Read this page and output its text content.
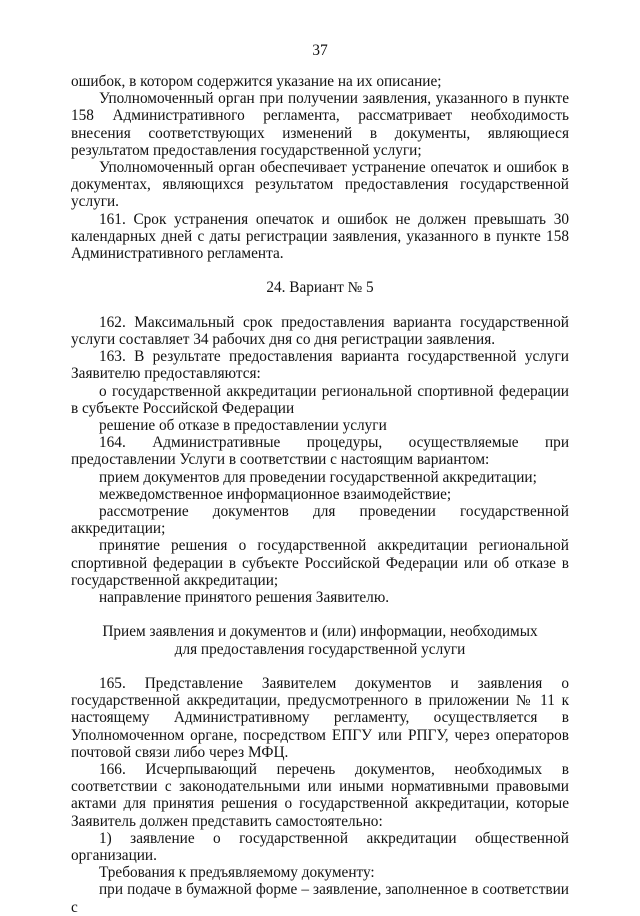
37

ошибок, в котором содержится указание на их описание;

Уполномоченный орган при получении заявления, указанного в пункте 158 Административного регламента, рассматривает необходимость внесения соответствующих изменений в документы, являющиеся результатом предоставления государственной услуги;

Уполномоченный орган обеспечивает устранение опечаток и ошибок в документах, являющихся результатом предоставления государственной услуги.

161. Срок устранения опечаток и ошибок не должен превышать 30 календарных дней с даты регистрации заявления, указанного в пункте 158 Административного регламента.

24. Вариант № 5

162. Максимальный срок предоставления варианта государственной услуги составляет 34 рабочих дня со дня регистрации заявления.

163. В результате предоставления варианта государственной услуги Заявителю предоставляются:

о государственной аккредитации региональной спортивной федерации в субъекте Российской Федерации

решение об отказе в предоставлении услуги

164. Административные процедуры, осуществляемые при предоставлении Услуги в соответствии с настоящим вариантом:

прием документов для проведении государственной аккредитации;

межведомственное информационное взаимодействие;

рассмотрение документов для проведении государственной аккредитации;

принятие решения о государственной аккредитации региональной спортивной федерации в субъекте Российской Федерации или об отказе в государственной аккредитации;

направление принятого решения Заявителю.

Прием заявления и документов и (или) информации, необходимых

для предоставления государственной услуги

165. Представление Заявителем документов и заявления о государственной аккредитации, предусмотренного в приложении № 11 к настоящему Административному регламенту, осуществляется в Уполномоченном органе, посредством ЕПГУ или РПГУ, через операторов почтовой связи либо через МФЦ.

166. Исчерпывающий перечень документов, необходимых в соответствии с законодательными или иными нормативными правовыми актами для принятия решения о государственной аккредитации, которые Заявитель должен представить самостоятельно:

1) заявление о государственной аккредитации общественной организации.

Требования к предъявляемому документу:

при подаче в бумажной форме – заявление, заполненное в соответствии с
